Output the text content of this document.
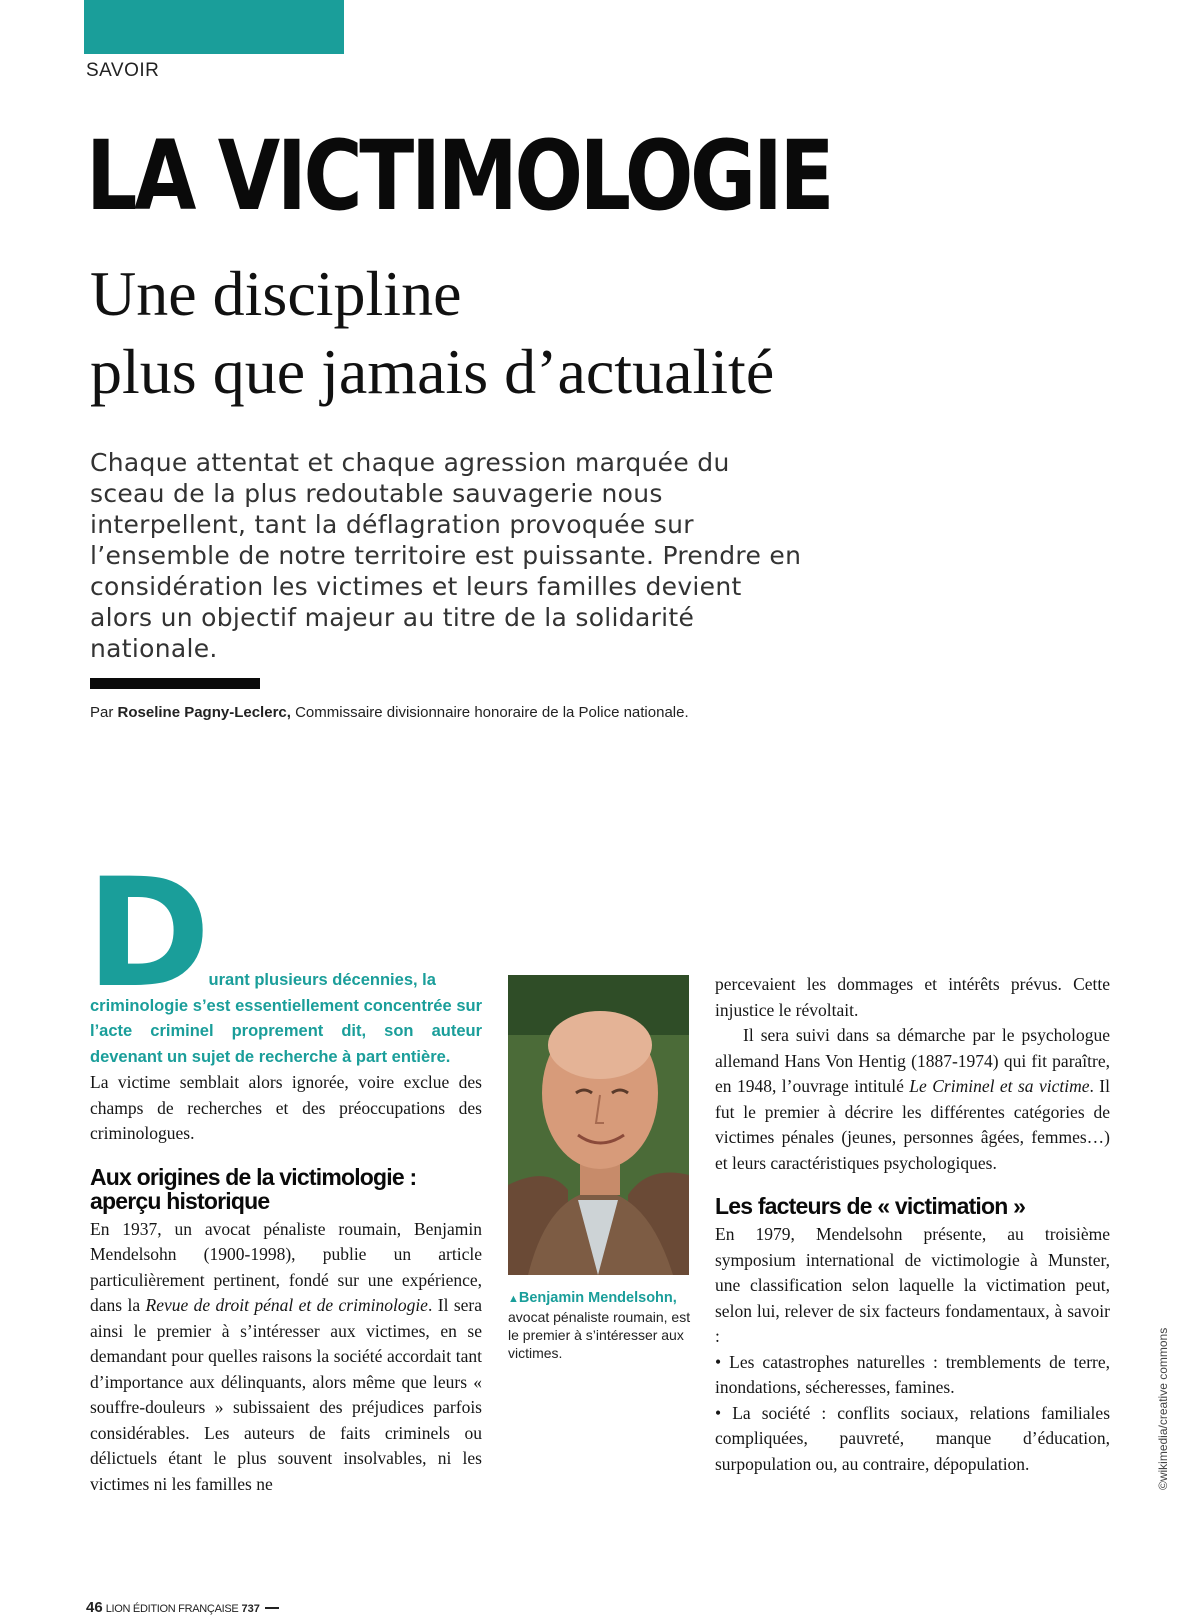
SAVOIR
LA VICTIMOLOGIE
Une discipline
plus que jamais d’actualité

Chaque attentat et chaque agression marquée du sceau de la plus redoutable sauvagerie nous interpellent, tant la déflagration provoquée sur l’ensemble de notre territoire est puissante. Prendre en considération les victimes et leurs familles devient alors un objectif majeur au titre de la solidarité nationale.

Par Roseline Pagny-Leclerc, Commissaire divisionnaire honoraire de la Police nationale.
D urant plusieurs décennies, la
criminologie s’est essentiellement concentrée sur l’acte criminel proprement dit, son auteur devenant un sujet de recherche à part entière.

La victime semblait alors ignorée, voire exclue des champs de recherches et des préoccupations des criminologues.

Aux origines de la victimologie : aperçu historique

En 1937, un avocat pénaliste roumain, Benjamin Mendelsohn (1900-1998), publie un article particulièrement pertinent, fondé sur une expérience, dans la Revue de droit pénal et de criminologie. Il sera ainsi le premier à s’intéresser aux victimes, en se demandant pour quelles raisons la société accordait tant d’importance aux délinquants, alors même que leurs « souffre-douleurs » subissaient des préjudices parfois considérables. Les auteurs de faits criminels ou délictuels étant le plus souvent insolvables, ni les victimes ni les familles ne

▲Benjamin Mendelsohn,
avocat pénaliste roumain, est le premier à s’intéresser aux victimes.

percevaient les dommages et intérêts prévus. Cette injustice le révoltait.

Il sera suivi dans sa démarche par le psychologue allemand Hans Von Hentig (1887-1974) qui fit paraître, en 1948, l’ouvrage intitulé Le Criminel et sa victime. Il fut le premier à décrire les différentes catégories de victimes pénales (jeunes, personnes âgées, femmes…) et leurs caractéristiques psychologiques.

Les facteurs de « victimation »

En 1979, Mendelsohn présente, au troisième symposium international de victimologie à Munster, une classification selon laquelle la victimation peut, selon lui, relever de six facteurs fondamentaux, à savoir :

• Les catastrophes naturelles : tremblements de terre, inondations, sécheresses, famines.
• La société : conflits sociaux, relations familiales compliquées, pauvreté, manque d’éducation, surpopulation ou, au contraire, dépopulation.	©wikimedia/creative commons
46 LION ÉDITION FRANÇAISE 737
